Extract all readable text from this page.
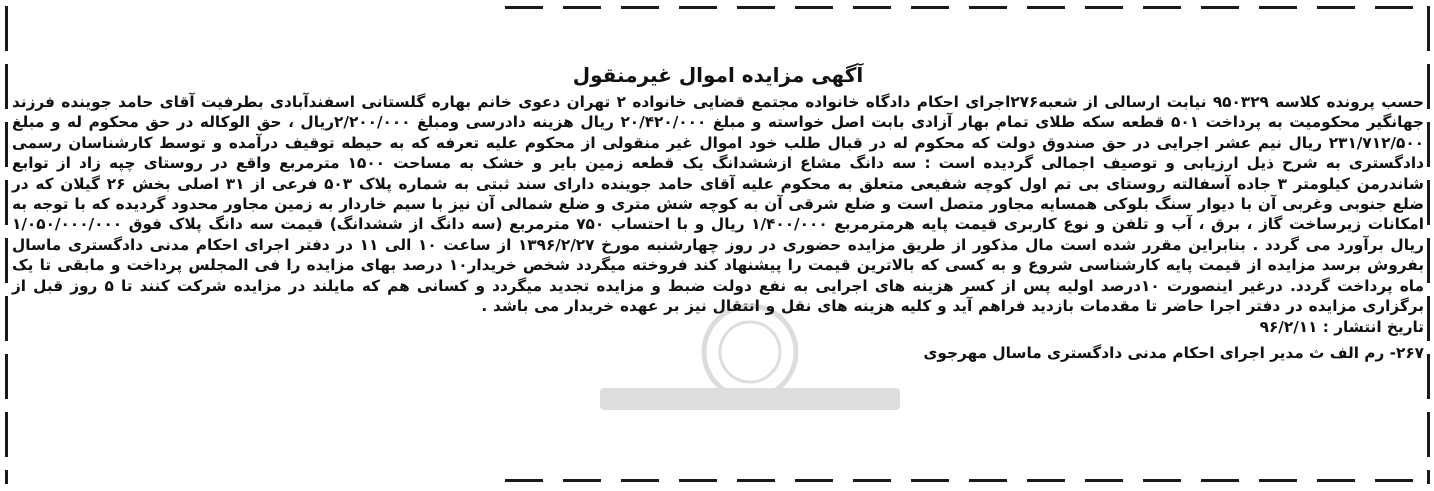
آگهی مزایده اموال غیرمنقول

حسب پرونده کلاسه ۹۵۰۳۲۹ نیابت ارسالی از شعبه۲۷۶اجرای احکام دادگاه خانواده مجتمع قضایی خانواده ۲ تهران دعوی خانم بهاره گلستانی اسفندآبادی بطرفیت آقای حامد جوینده فرزند جهانگیر محکومیت به پرداخت ۵۰۱ قطعه سکه طلای تمام بهار آزادی بابت اصل خواسته و مبلغ ۲۰/۴۲۰/۰۰۰ ریال هزینه دادرسی ومبلغ ۲/۲۰۰/۰۰۰ریال ، حق الوکاله در حق محکوم له و مبلغ ۲۳۱/۷۱۲/۵۰۰ ریال نیم عشر اجرایی در حق صندوق دولت که محکوم له در قبال طلب خود اموال غیر منقولی از محکوم علیه تعرفه که به حیطه توقیف درآمده و توسط کارشناسان رسمی دادگستری به شرح ذیل ارزیابی و توصیف اجمالی گردیده است : سه دانگ مشاع ازششدانگ یک قطعه زمین بایر و خشک به مساحت ۱۵۰۰ مترمربع واقع در روستای چپه زاد از توابع شاندرمن کیلومتر ۳ جاده آسفالته روستای بی تم اول کوچه شفیعی متعلق به محکوم علیه آقای حامد جوینده دارای سند ثبتی به شماره پلاک ۵۰۳ فرعی از ۳۱ اصلی بخش ۲۶ گیلان که در ضلع جنوبی وغربی آن با دیوار سنگ بلوکی همسایه مجاور متصل است و ضلع شرقی آن به کوچه شش متری و ضلع شمالی آن نیز با سیم خاردار به زمین مجاور محدود گردیده که با توجه به امکانات زیرساخت گاز ، برق ، آب و تلفن و نوع کاربری قیمت پایه هرمترمربع ۱/۴۰۰/۰۰۰ ریال و با احتساب ۷۵۰ مترمربع (سه دانگ از ششدانگ) قیمت سه دانگ پلاک فوق ۱/۰۵۰/۰۰۰/۰۰۰ ریال برآورد می گردد . بنابراین مقرر شده است مال مذکور از طریق مزایده حضوری در روز چهارشنبه مورخ ۱۳۹۶/۲/۲۷ از ساعت ۱۰ الی ۱۱ در دفتر اجرای احکام مدنی دادگستری ماسال بفروش برسد مزایده از قیمت پایه کارشناسی شروع و به کسی که بالاترین قیمت را پیشنهاد کند فروخته میگردد شخص خریدار۱۰ درصد بهای مزایده را فی المجلس پرداخت و مابقی تا یک ماه پرداخت گردد. درغیر اینصورت ۱۰درصد اولیه پس از کسر هزینه های اجرایی به نفع دولت ضبط و مزایده تجدید میگردد و کسانی هم که مایلند در مزایده شرکت کنند تا ۵ روز قبل از برگزاری مزایده در دفتر اجرا حاضر تا مقدمات بازدید فراهم آید و کلیه هزینه های نقل و انتقال نیز بر عهده خریدار می باشد .

تاریخ انتشار : ۹۶/۲/۱۱

۲۶۷- رم الف ث مدیر اجرای احکام مدنی دادگستری ماسال مهرجوی
